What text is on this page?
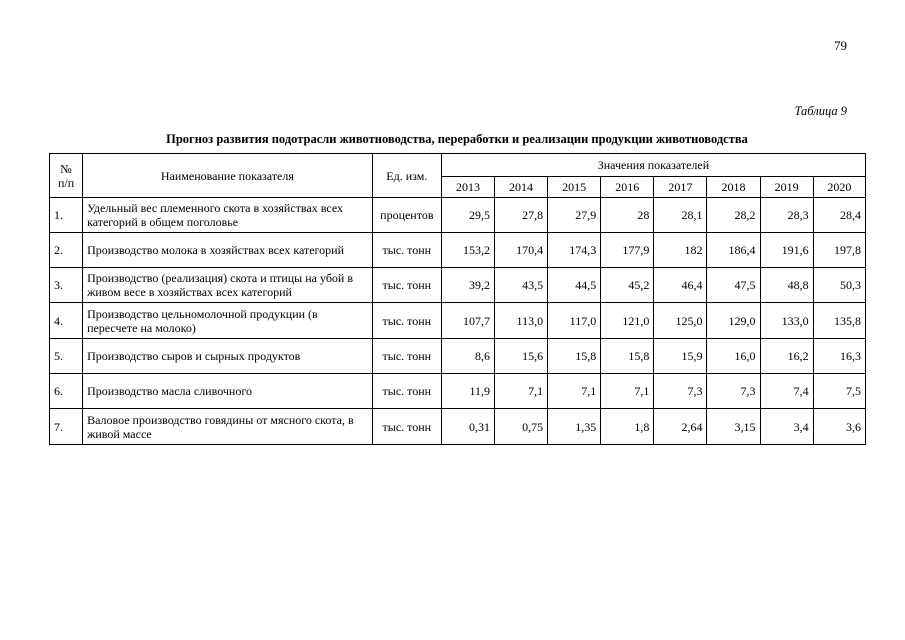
79
Таблица 9
Прогноз развития подотрасли животноводства, переработки и реализации продукции животноводства
№ п/п	Наименование показателя	Ед. изм.	Значения показателей							
			2013	2014	2015	2016	2017	2018	2019	2020
1.	Удельный вес племенного скота в хозяйствах всех категорий в общем поголовье	процентов	29,5	27,8	27,9	28	28,1	28,2	28,3	28,4
2.	Производство молока в хозяйствах всех категорий	тыс. тонн	153,2	170,4	174,3	177,9	182	186,4	191,6	197,8
3.	Производство (реализация) скота и птицы на убой в живом весе в хозяйствах всех категорий	тыс. тонн	39,2	43,5	44,5	45,2	46,4	47,5	48,8	50,3
4.	Производство цельномолочной продукции (в пересчете на молоко)	тыс. тонн	107,7	113,0	117,0	121,0	125,0	129,0	133,0	135,8
5.	Производство сыров и сырных продуктов	тыс. тонн	8,6	15,6	15,8	15,8	15,9	16,0	16,2	16,3
6.	Производство масла сливочного	тыс. тонн	11,9	7,1	7,1	7,1	7,3	7,3	7,4	7,5
7.	Валовое производство говядины от мясного скота, в живой массе	тыс. тонн	0,31	0,75	1,35	1,8	2,64	3,15	3,4	3,6
